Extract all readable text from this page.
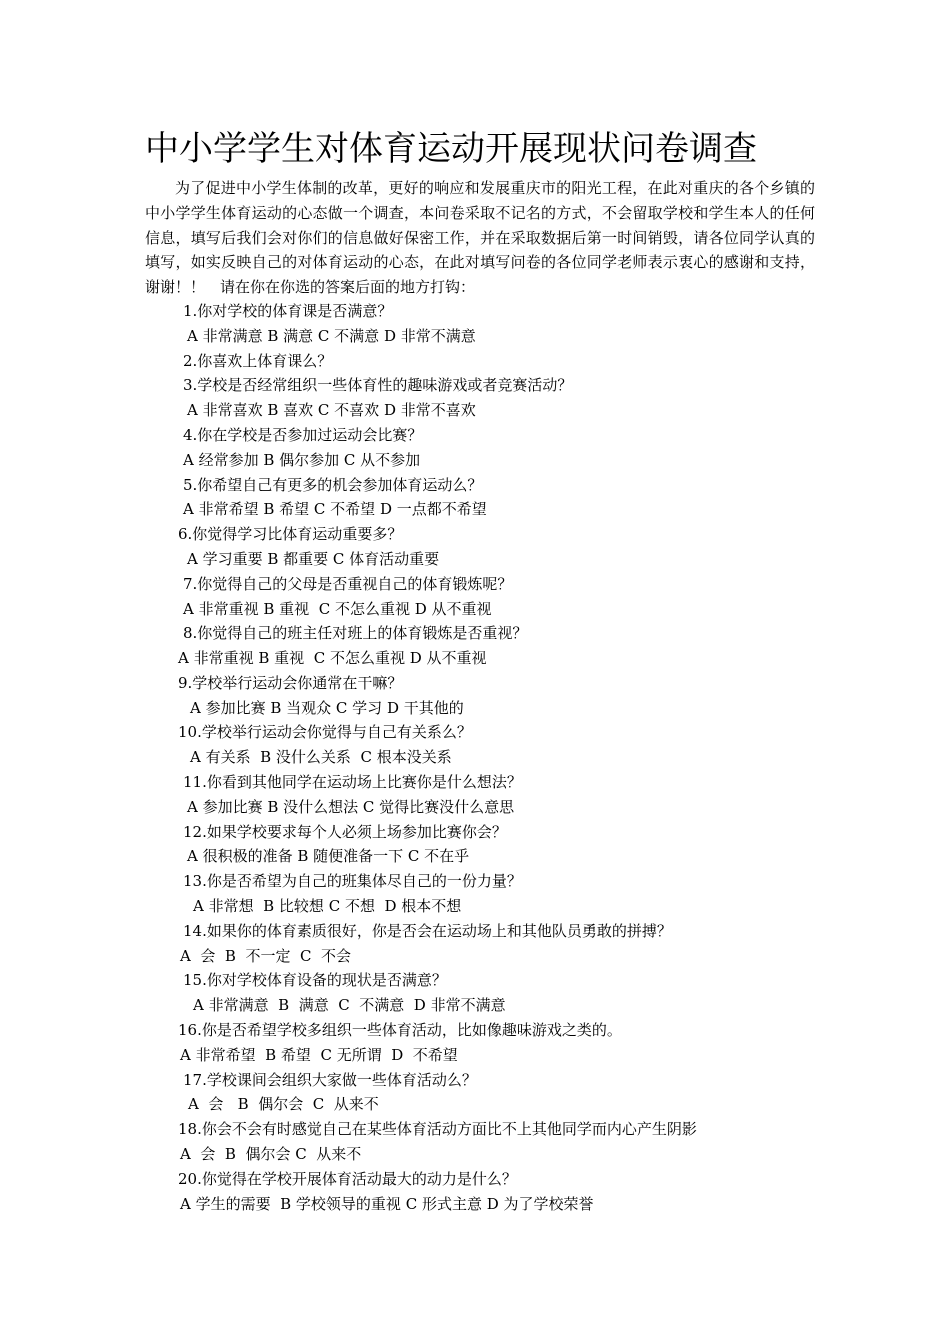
中小学学生对体育运动开展现状问卷调查
为了促进中小学生体制的改革，更好的响应和发展重庆市的阳光工程，在此对重庆的各个乡镇的中小学学生体育运动的心态做一个调查，本问卷采取不记名的方式，不会留取学校和学生本人的任何信息，填写后我们会对你们的信息做好保密工作，并在采取数据后第一时间销毁，请各位同学认真的填写，如实反映自己的对体育运动的心态，在此对填写问卷的各位同学老师表示衷心的感谢和支持，谢谢！！　请在你在你选的答案后面的地方打钩：
1.你对学校的体育课是否满意？
A 非常满意 B 满意 C 不满意 D 非常不满意
2.你喜欢上体育课么？
3.学校是否经常组织一些体育性的趣味游戏或者竞赛活动？
A 非常喜欢 B 喜欢 C 不喜欢 D 非常不喜欢
4.你在学校是否参加过运动会比赛？
A 经常参加 B 偶尔参加 C 从不参加
5.你希望自己有更多的机会参加体育运动么？
A 非常希望 B 希望 C 不希望 D 一点都不希望
6.你觉得学习比体育运动重要多？
A 学习重要 B 都重要 C 体育活动重要
7.你觉得自己的父母是否重视自己的体育锻炼呢？
A 非常重视 B 重视  C 不怎么重视 D 从不重视
8.你觉得自己的班主任对班上的体育锻炼是否重视？
A 非常重视 B 重视  C 不怎么重视 D 从不重视
9.学校举行运动会你通常在干嘛？
A 参加比赛 B 当观众 C 学习 D 干其他的
10.学校举行运动会你觉得与自己有关系么？
A 有关系  B 没什么关系  C 根本没关系
11.你看到其他同学在运动场上比赛你是什么想法？
A 参加比赛 B 没什么想法 C 觉得比赛没什么意思
12.如果学校要求每个人必须上场参加比赛你会？
A 很积极的准备 B 随便准备一下 C 不在乎
13.你是否希望为自己的班集体尽自己的一份力量？
A 非常想  B 比较想 C 不想  D 根本不想
14.如果你的体育素质很好，你是否会在运动场上和其他队员勇敢的拼搏？
A  会  B  不一定  C  不会
15.你对学校体育设备的现状是否满意？
A 非常满意  B  满意  C  不满意  D 非常不满意
16.你是否希望学校多组织一些体育活动，比如像趣味游戏之类的。
A 非常希望  B 希望  C 无所谓  D  不希望
17.学校课间会组织大家做一些体育活动么？
A  会   B  偶尔会  C  从来不
18.你会不会有时感觉自己在某些体育活动方面比不上其他同学而内心产生阴影
A  会  B  偶尔会 C  从来不
20.你觉得在学校开展体育活动最大的动力是什么？
A 学生的需要  B 学校领导的重视 C 形式主意 D 为了学校荣誉
